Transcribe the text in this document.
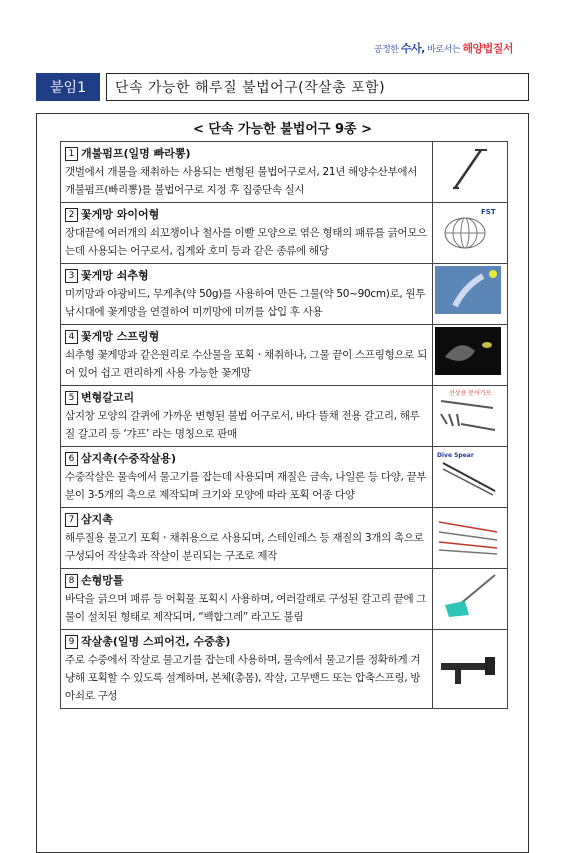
공정한 수사, 바로서는 해양법질서
붙임1	단속 가능한 해루질 불법어구(작살총 포함)
< 단속 가능한 불법어구 9종 >
1 개불펌프(일명 빠라뽕)
갯벌에서 개불을 채취하는 사용되는 변형된 불법어구로서, 21년 해양수산부에서 개불펌프(빠리뽕)를 불법어구로 지정 후 집중단속 실시

2 꽃게망 와이어형
장대끝에 여러개의 쇠꼬챙이나 철사를 이빨 모양으로 엮은 형태의 패류를 긁어모으는데 사용되는 어구로서, 집게와 호미 등과 같은 종류에 해당	FST

3 꽃게망 쇠추형
미끼망과 야광비드, 무게추(약 50g)를 사용하여 만든 그물(약 50~90cm)로, 원투 낚시대에 꽃게망을 연결하여 미끼망에 미끼를 삽입 후 사용

4 꽃게망 스프링형
쇠추형 꽃게망과 같은원리로 수산물을 포획ㆍ채취하나, 그물 끝이 스프링형으로 되어 있어 쉽고 편리하게 사용 가능한 꽃게망

5 변형갈고리
삼지창 모양의 갈퀴에 가까운 변형된 불법 어구로서, 바다 뜰채 전용 갈고리, 해루질 갈고리 등 ‘갸프’ 라는 명칭으로 판매	선상용 문어가프

6 삼지촉(수중작살용)
수중작살은 물속에서 물고기를 잡는데 사용되며 재질은 금속, 나일론 등 다양, 끝부분이 3-5개의 촉으로 제작되며 크기와 모양에 따라 포획 어종 다양	Dive Spear

7 삼지촉
해루질용 물고기 포획ㆍ채취용으로 사용되며, 스테인레스 등 재질의 3개의 촉으로 구성되어 작살촉과 작살이 분리되는 구조로 제작

8 손형망틀
바닥을 긁으며 패류 등 어획물 포획시 사용하며, 여러갈래로 구성된 갈고리 끝에 그물이 설치된 형태로 제작되며, “백합그레” 라고도 불림

9 작살총(일명 스피어건, 수중총)
주로 수중에서 작살로 물고기를 잡는데 사용하며, 물속에서 물고기를 정확하게 겨냥해 포획할 수 있도록 설계하며, 본체(총몸), 작살, 고무밴드 또는 압축스프링, 방아쇠로 구성
